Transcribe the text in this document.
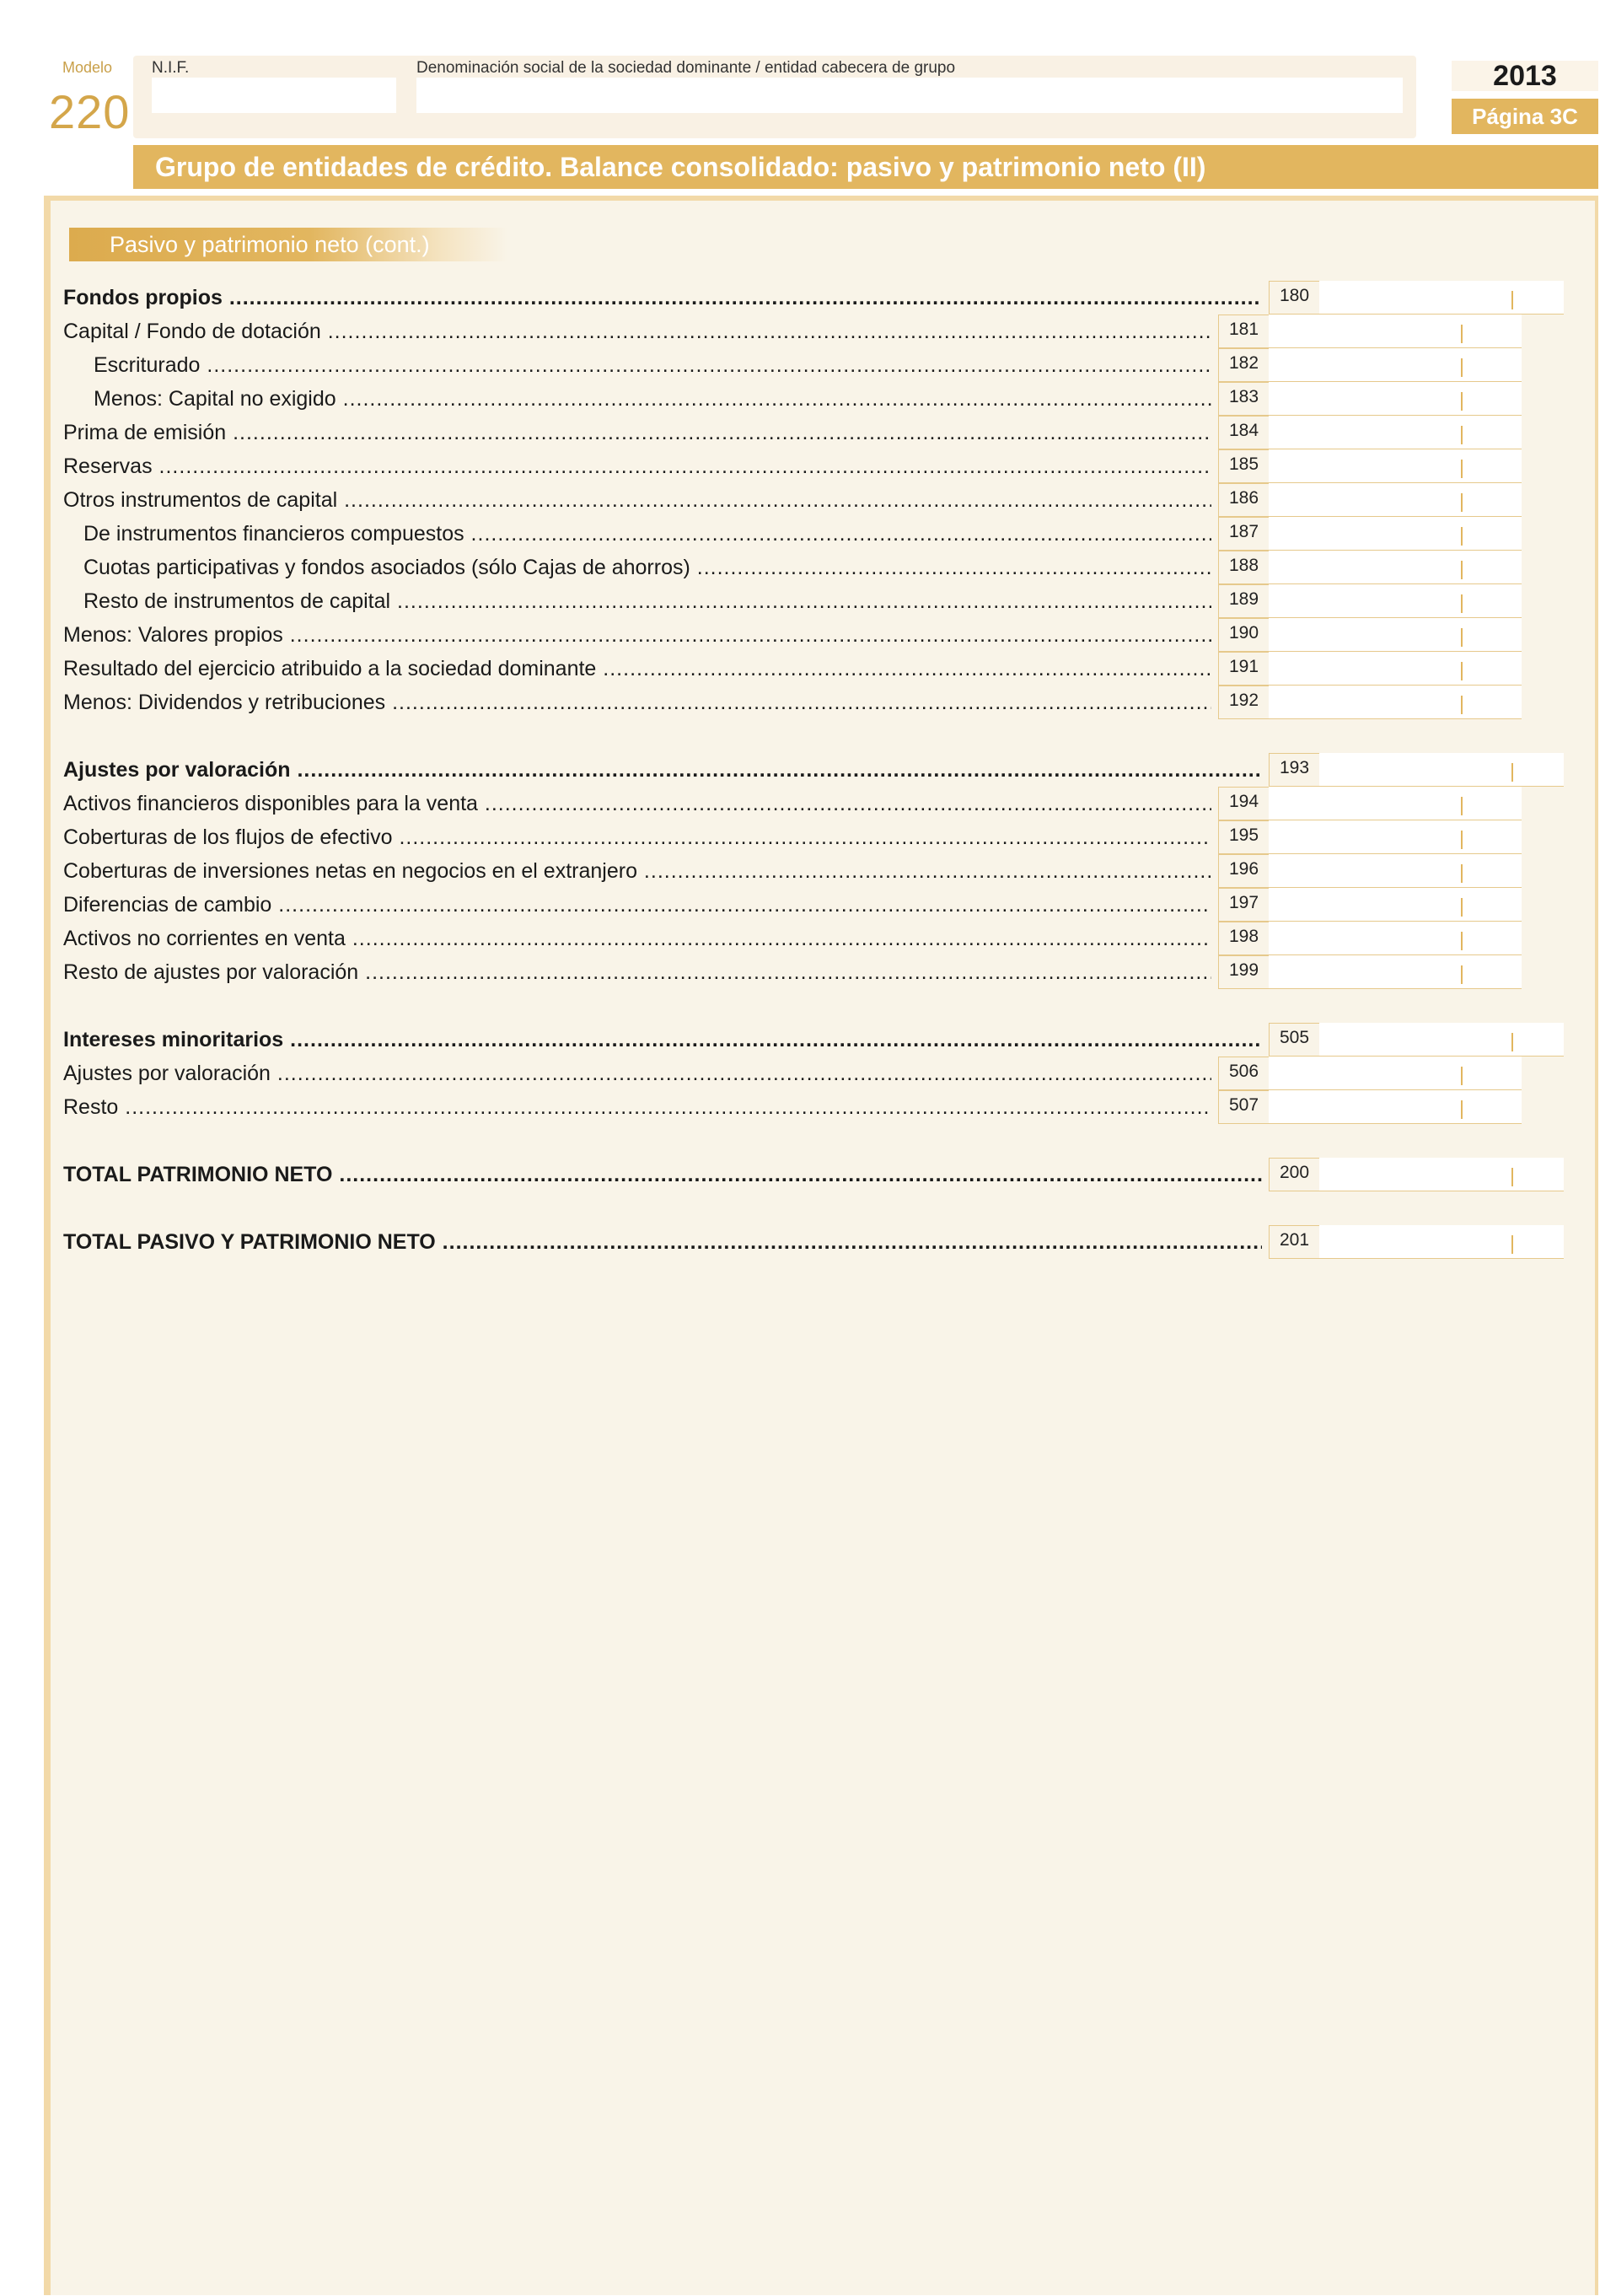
Modelo
220
N.I.F.	Denominación social de la sociedad dominante / entidad cabecera de grupo	2013
Página 3C
Grupo de entidades de crédito. Balance consolidado: pasivo y patrimonio neto (II)
Pasivo y patrimonio neto (cont.)
Fondos propios .....	180
Capital / Fondo de dotación .....	181
Escriturado .....	182
Menos: Capital no exigido .....	183
Prima de emisión .....	184
Reservas .....	185
Otros instrumentos de capital .....	186
De instrumentos financieros compuestos .....	187
Cuotas participativas y fondos asociados (sólo Cajas de ahorros) .....	188
Resto de instrumentos de capital .....	189
Menos: Valores propios .....	190
Resultado del ejercicio atribuido a la sociedad dominante .....	191
Menos: Dividendos y retribuciones .....	192
Ajustes por valoración .....	193
Activos financieros disponibles para la venta .....	194
Coberturas de los flujos de efectivo .....	195
Coberturas de inversiones netas en negocios en el extranjero .....	196
Diferencias de cambio .....	197
Activos no corrientes en venta .....	198
Resto de ajustes por valoración .....	199
Intereses minoritarios .....	505
Ajustes por valoración .....	506
Resto .....	507
TOTAL PATRIMONIO NETO .....	200
TOTAL PASIVO Y PATRIMONIO NETO .....	201
